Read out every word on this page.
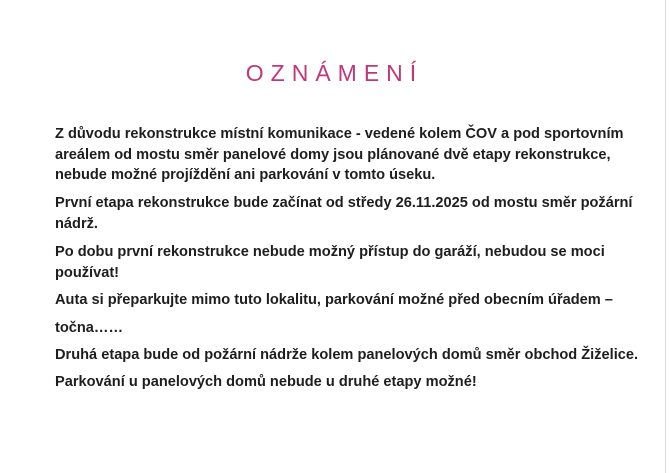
OZNÁMENÍ
Z důvodu rekonstrukce místní komunikace - vedené kolem ČOV a pod sportovním
areálem od mostu směr panelové domy jsou plánované dvě etapy rekonstrukce,
nebude možné projíždění ani parkování v tomto úseku.
První etapa rekonstrukce bude začínat od středy 26.11.2025 od mostu směr požární
nádrž.
Po dobu první rekonstrukce nebude možný přístup do garáží, nebudou se moci
používat!
Auta si přeparkujte mimo tuto lokalitu, parkování možné před obecním úřadem –
točna……
Druhá etapa bude od požární nádrže kolem panelových domů směr obchod Žiželice.
Parkování u panelových domů nebude u druhé etapy možné!
